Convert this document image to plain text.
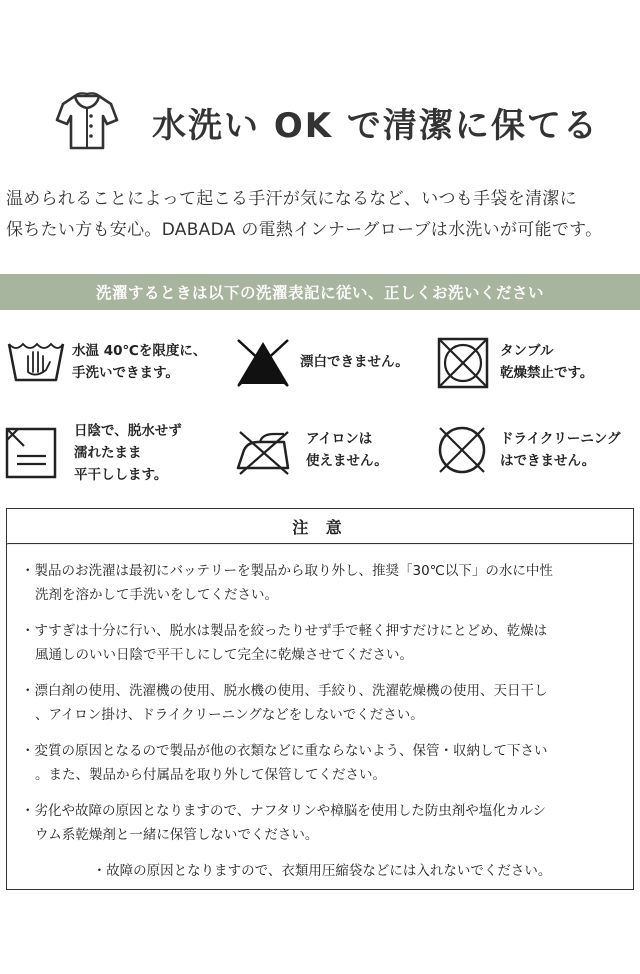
水洗い OK で清潔に保てる
温められることによって起こる手汗が気になるなど、いつも手袋を清潔に
保ちたい方も安心。DABADA の電熱インナーグローブは水洗いが可能です。
洗濯するときは以下の洗濯表記に従い、正しくお洗いください
水温 40℃を限度に、
手洗いできます。
漂白できません。
タンブル
乾燥禁止です。
日陰で、脱水せず
濡れたまま
平干しします。
アイロンは
使えません。
ドライクリーニング
はできません。
注 意
・製品のお洗濯は最初にバッテリーを製品から取り外し、推奨「30℃以下」の水に中性
洗剤を溶かして手洗いをしてください。
・すすぎは十分に行い、脱水は製品を絞ったりせず手で軽く押すだけにとどめ、乾燥は
風通しのいい日陰で平干しにして完全に乾燥させてください。
・漂白剤の使用、洗濯機の使用、脱水機の使用、手絞り、洗濯乾燥機の使用、天日干し
、アイロン掛け、ドライクリーニングなどをしないでください。
・変質の原因となるので製品が他の衣類などに重ならないよう、保管・収納して下さい
。また、製品から付属品を取り外して保管してください。
・劣化や故障の原因となりますので、ナフタリンや樟脳を使用した防虫剤や塩化カルシ
ウム系乾燥剤と一緒に保管しないでください。
・故障の原因となりますので、衣類用圧縮袋などには入れないでください。
